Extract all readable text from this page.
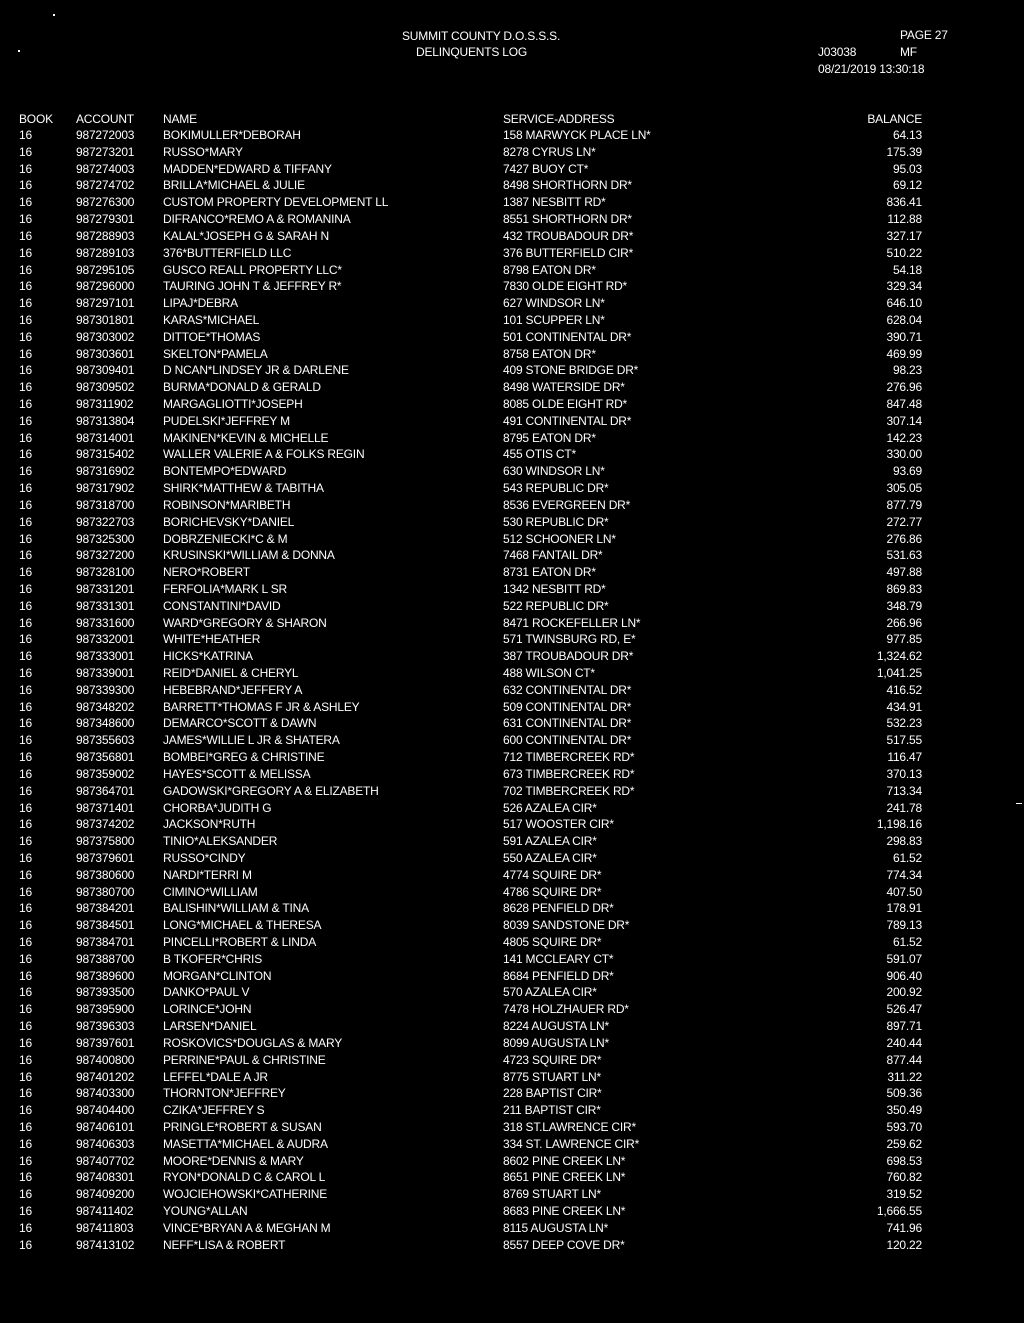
SUMMIT COUNTY D.O.S.S.S.
DELINQUENTS LOG
PAGE 27
J03038	MF
08/21/2019 13:30:18
BOOK ACCOUNT NAME	SERVICE-ADDRESS	BALANCE
16	987272003 BOKIMULLER*DEBORAH	158 MARWYCK PLACE LN*	64.13
16	987273201 RUSSO*MARY	8278 CYRUS LN*	175.39
16	987274003 MADDEN*EDWARD & TIFFANY	7427 BUOY CT*	95.03
16	987274702 BRILLA*MICHAEL & JULIE	8498 SHORTHORN DR*	69.12
16	987276300 CUSTOM PROPERTY DEVELOPMENT LL	1387 NESBITT RD*	836.41
16	987279301 DIFRANCO*REMO A & ROMANINA	8551 SHORTHORN DR*	112.88
16	987288903 KALAL*JOSEPH G & SARAH N	432 TROUBADOUR DR*	327.17
16	987289103 376*BUTTERFIELD LLC	376 BUTTERFIELD CIR*	510.22
16	987295105 GUSCO REALL PROPERTY LLC*	8798 EATON DR*	54.18
16	987296000 TAURING JOHN T & JEFFREY R*	7830 OLDE EIGHT RD*	329.34
16	987297101 LIPAJ*DEBRA	627 WINDSOR LN*	646.10
16	987301801 KARAS*MICHAEL	101 SCUPPER LN*	628.04
16	987303002 DITTOE*THOMAS	501 CONTINENTAL DR*	390.71
16	987303601 SKELTON*PAMELA	8758 EATON DR*	469.99
16	987309401 D NCAN*LINDSEY JR & DARLENE	409 STONE BRIDGE DR*	98.23
16	987309502 BURMA*DONALD & GERALD	8498 WATERSIDE DR*	276.96
16	987311902 MARGAGLIOTTI*JOSEPH	8085 OLDE EIGHT RD*	847.48
16	987313804 PUDELSKI*JEFFREY M	491 CONTINENTAL DR*	307.14
16	987314001 MAKINEN*KEVIN & MICHELLE	8795 EATON DR*	142.23
16	987315402 WALLER VALERIE A & FOLKS REGIN	455 OTIS CT*	330.00
16	987316902 BONTEMPO*EDWARD	630 WINDSOR LN*	93.69
16	987317902 SHIRK*MATTHEW & TABITHA	543 REPUBLIC DR*	305.05
16	987318700 ROBINSON*MARIBETH	8536 EVERGREEN DR*	877.79
16	987322703 BORICHEVSKY*DANIEL	530 REPUBLIC DR*	272.77
16	987325300 DOBRZENIECKI*C & M	512 SCHOONER LN*	276.86
16	987327200 KRUSINSKI*WILLIAM & DONNA	7468 FANTAIL DR*	531.63
16	987328100 NERO*ROBERT	8731 EATON DR*	497.88
16	987331201 FERFOLIA*MARK L SR	1342 NESBITT RD*	869.83
16	987331301 CONSTANTINI*DAVID	522 REPUBLIC DR*	348.79
16	987331600 WARD*GREGORY & SHARON	8471 ROCKEFELLER LN*	266.96
16	987332001 WHITE*HEATHER	571 TWINSBURG RD, E*	977.85
16	987333001 HICKS*KATRINA	387 TROUBADOUR DR*	1,324.62
16	987339001 REID*DANIEL & CHERYL	488 WILSON CT*	1,041.25
16	987339300 HEBEBRAND*JEFFERY A	632 CONTINENTAL DR*	416.52
16	987348202 BARRETT*THOMAS F JR & ASHLEY	509 CONTINENTAL DR*	434.91
16	987348600 DEMARCO*SCOTT & DAWN	631 CONTINENTAL DR*	532.23
16	987355603 JAMES*WILLIE L JR & SHATERA	600 CONTINENTAL DR*	517.55
16	987356801 BOMBEI*GREG & CHRISTINE	712 TIMBERCREEK RD*	116.47
16	987359002 HAYES*SCOTT & MELISSA	673 TIMBERCREEK RD*	370.13
16	987364701 GADOWSKI*GREGORY A & ELIZABETH	702 TIMBERCREEK RD*	713.34
16	987371401 CHORBA*JUDITH G	526 AZALEA CIR*	241.78
16	987374202 JACKSON*RUTH	517 WOOSTER CIR*	1,198.16
16	987375800 TINIO*ALEKSANDER	591 AZALEA CIR*	298.83
16	987379601 RUSSO*CINDY	550 AZALEA CIR*	61.52
16	987380600 NARDI*TERRI M	4774 SQUIRE DR*	774.34
16	987380700 CIMINO*WILLIAM	4786 SQUIRE DR*	407.50
16	987384201 BALISHIN*WILLIAM & TINA	8628 PENFIELD DR*	178.91
16	987384501 LONG*MICHAEL & THERESA	8039 SANDSTONE DR*	789.13
16	987384701 PINCELLI*ROBERT & LINDA	4805 SQUIRE DR*	61.52
16	987388700 B TKOFER*CHRIS	141 MCCLEARY CT*	591.07
16	987389600 MORGAN*CLINTON	8684 PENFIELD DR*	906.40
16	987393500 DANKO*PAUL V	570 AZALEA CIR*	200.92
16	987395900 LORINCE*JOHN	7478 HOLZHAUER RD*	526.47
16	987396303 LARSEN*DANIEL	8224 AUGUSTA LN*	897.71
16	987397601 ROSKOVICS*DOUGLAS & MARY	8099 AUGUSTA LN*	240.44
16	987400800 PERRINE*PAUL & CHRISTINE	4723 SQUIRE DR*	877.44
16	987401202 LEFFEL*DALE A JR	8775 STUART LN*	311.22
16	987403300 THORNTON*JEFFREY	228 BAPTIST CIR*	509.36
16	987404400 CZIKA*JEFFREY S	211 BAPTIST CIR*	350.49
16	987406101 PRINGLE*ROBERT & SUSAN	318 ST.LAWRENCE CIR*	593.70
16	987406303 MASETTA*MICHAEL & AUDRA	334 ST. LAWRENCE CIR*	259.62
16	987407702 MOORE*DENNIS & MARY	8602 PINE CREEK LN*	698.53
16	987408301 RYON*DONALD C & CAROL L	8651 PINE CREEK LN*	760.82
16	987409200 WOJCIEHOWSKI*CATHERINE	8769 STUART LN*	319.52
16	987411402 YOUNG*ALLAN	8683 PINE CREEK LN*	1,666.55
16	987411803 VINCE*BRYAN A & MEGHAN M	8115 AUGUSTA LN*	741.96
16	987413102 NEFF*LISA & ROBERT	8557 DEEP COVE DR*	120.22
